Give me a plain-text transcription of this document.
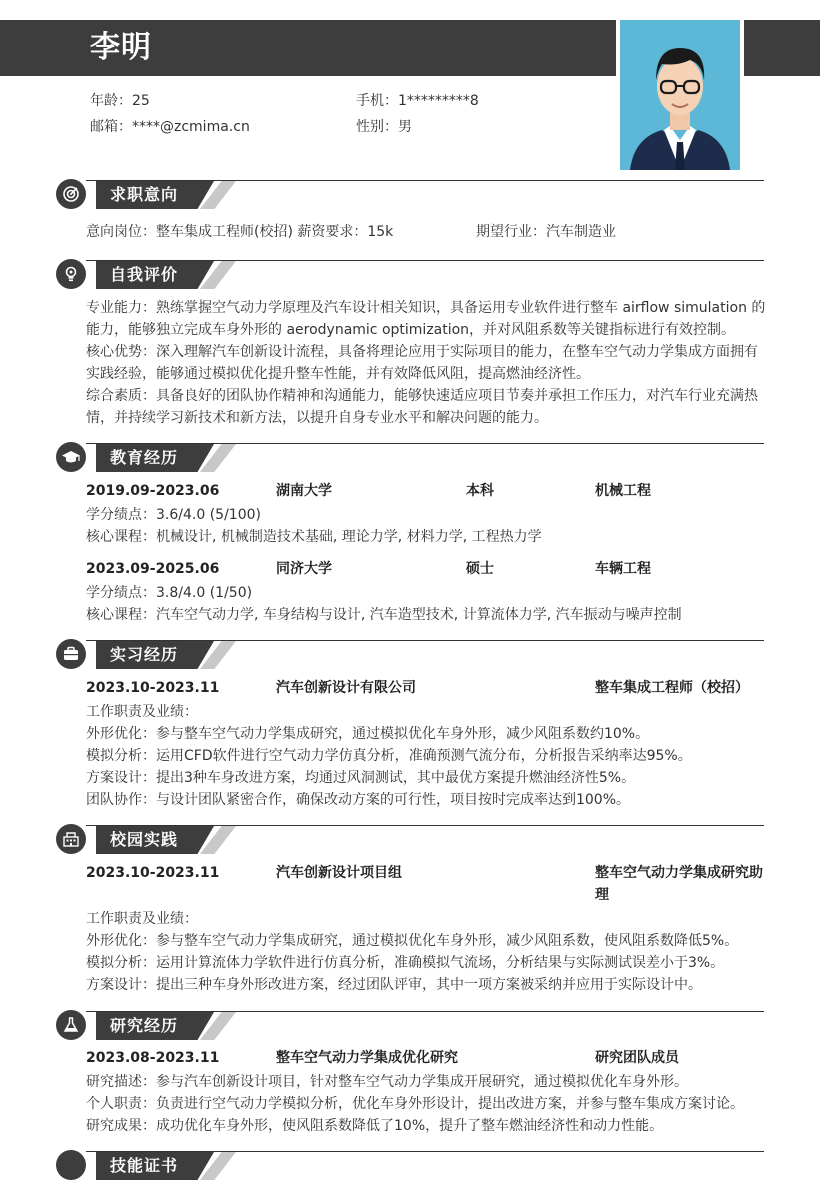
李明
年龄：25	手机：1*********8
邮箱：****@zcmima.cn	性别：男
求职意向
意向岗位：整车集成工程师(校招) 薪资要求：15k	期望行业：汽车制造业
自我评价
专业能力：熟练掌握空气动力学原理及汽车设计相关知识，具备运用专业软件进行整车 airflow simulation 的
能力，能够独立完成车身外形的 aerodynamic optimization，并对风阻系数等关键指标进行有效控制。
核心优势：深入理解汽车创新设计流程，具备将理论应用于实际项目的能力，在整车空气动力学集成方面拥有
实践经验，能够通过模拟优化提升整车性能，并有效降低风阻，提高燃油经济性。
综合素质：具备良好的团队协作精神和沟通能力，能够快速适应项目节奏并承担工作压力，对汽车行业充满热
情，并持续学习新技术和新方法，以提升自身专业水平和解决问题的能力。
教育经历
2019.09-2023.06	湖南大学	本科	机械工程
学分绩点：3.6/4.0 (5/100)
核心课程：机械设计, 机械制造技术基础, 理论力学, 材料力学, 工程热力学
2023.09-2025.06	同济大学	硕士	车辆工程
学分绩点：3.8/4.0 (1/50)
核心课程：汽车空气动力学, 车身结构与设计, 汽车造型技术, 计算流体力学, 汽车振动与噪声控制
实习经历
2023.10-2023.11	汽车创新设计有限公司	整车集成工程师（校招）
工作职责及业绩：
外形优化：参与整车空气动力学集成研究，通过模拟优化车身外形，减少风阻系数约10%。
模拟分析：运用CFD软件进行空气动力学仿真分析，准确预测气流分布，分析报告采纳率达95%。
方案设计：提出3种车身改进方案，均通过风洞测试，其中最优方案提升燃油经济性5%。
团队协作：与设计团队紧密合作，确保改动方案的可行性，项目按时完成率达到100%。
校园实践
2023.10-2023.11	汽车创新设计项目组	整车空气动力学集成研究助
理
工作职责及业绩：
外形优化：参与整车空气动力学集成研究，通过模拟优化车身外形，减少风阻系数，使风阻系数降低5%。
模拟分析：运用计算流体力学软件进行仿真分析，准确模拟气流场，分析结果与实际测试误差小于3%。
方案设计：提出三种车身外形改进方案，经过团队评审，其中一项方案被采纳并应用于实际设计中。
研究经历
2023.08-2023.11	整车空气动力学集成优化研究	研究团队成员
研究描述：参与汽车创新设计项目，针对整车空气动力学集成开展研究，通过模拟优化车身外形。
个人职责：负责进行空气动力学模拟分析，优化车身外形设计，提出改进方案，并参与整车集成方案讨论。
研究成果：成功优化车身外形，使风阻系数降低了10%，提升了整车燃油经济性和动力性能。
技能证书
